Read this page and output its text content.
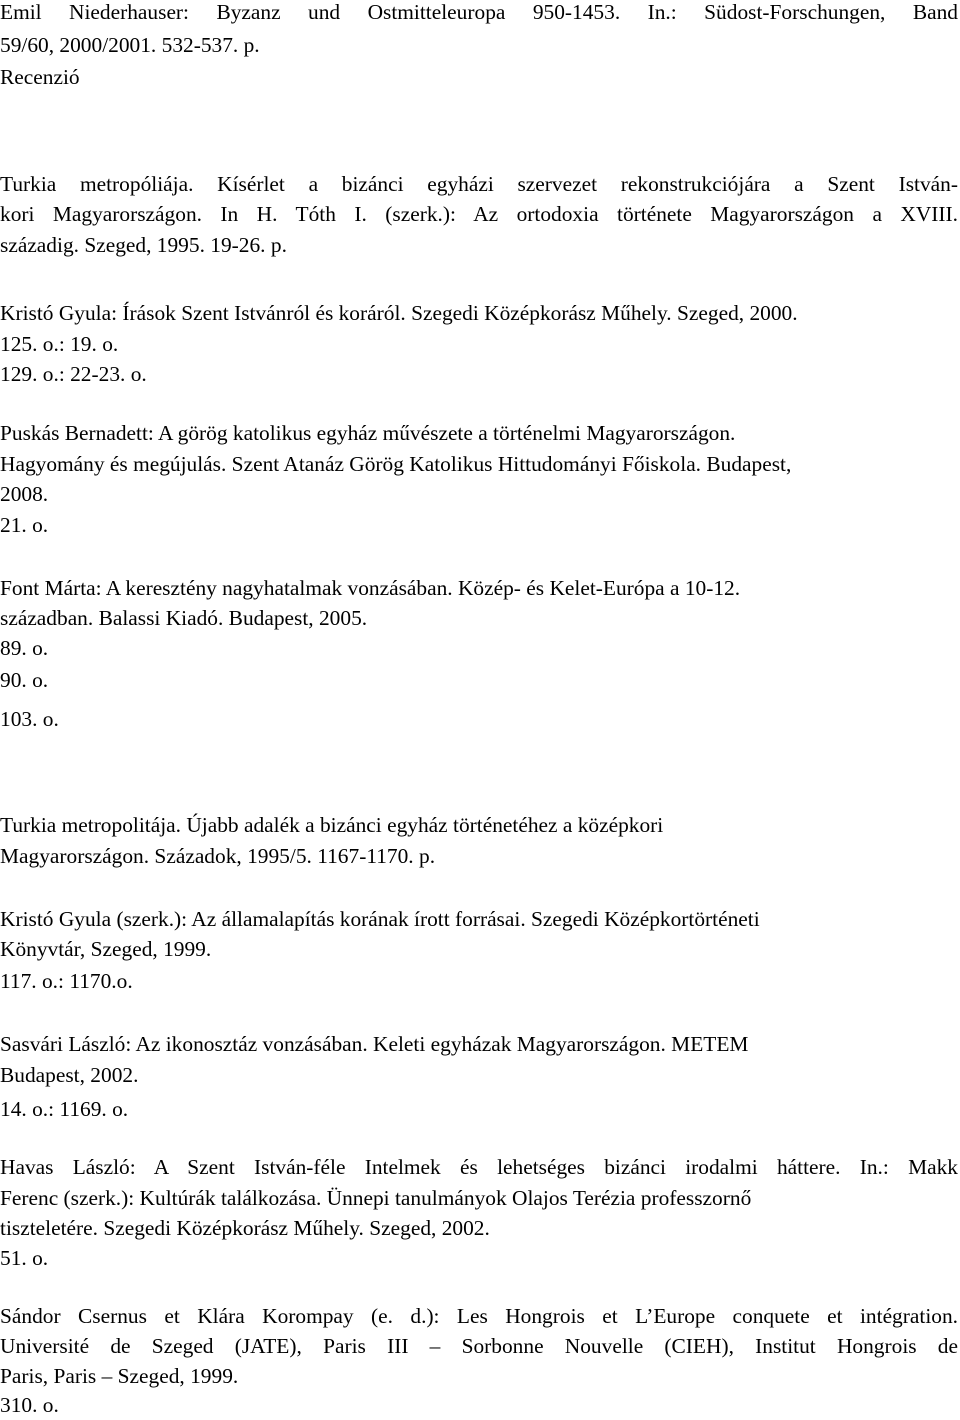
Emil Niederhauser: Byzanz und Ostmitteleuropa 950-1453. In.: Südost-Forschungen, Band
59/60, 2000/2001. 532-537. p.
Recenzió
Turkia metropóliája. Kísérlet a bizánci egyházi szervezet rekonstrukciójára a Szent István-
kori Magyarországon. In H. Tóth I. (szerk.): Az ortodoxia története Magyarországon a XVIII.
századig. Szeged, 1995. 19-26. p.
Kristó Gyula: Írások Szent Istvánról és koráról. Szegedi Középkorász Műhely. Szeged, 2000.
125. o.: 19. o.
129. o.: 22-23. o.
Puskás Bernadett: A görög katolikus egyház művészete a történelmi Magyarországon.
Hagyomány és megújulás. Szent Atanáz Görög Katolikus Hittudományi Főiskola. Budapest,
2008.
21. o.
Font Márta: A keresztény nagyhatalmak vonzásában. Közép- és Kelet-Európa a 10-12.
században. Balassi Kiadó. Budapest, 2005.
89. o.
90. o.
103. o.
Turkia metropolitája. Újabb adalék a bizánci egyház történetéhez a középkori
Magyarországon. Századok, 1995/5. 1167-1170. p.
Kristó Gyula (szerk.): Az államalapítás korának írott forrásai. Szegedi Középkortörténeti
Könyvtár, Szeged, 1999.
117. o.: 1170.o.
Sasvári László: Az ikonosztáz vonzásában. Keleti egyházak Magyarországon. METEM
Budapest, 2002.
14. o.: 1169. o.
Havas László: A Szent István-féle Intelmek és lehetséges bizánci irodalmi háttere. In.: Makk
Ferenc (szerk.): Kultúrák találkozása. Ünnepi tanulmányok Olajos Terézia professzornő
tiszteletére. Szegedi Középkorász Műhely. Szeged, 2002.
51. o.
Sándor Csernus et Klára Korompay (e. d.): Les Hongrois et L’Europe conquete et intégration.
Université de Szeged (JATE), Paris III – Sorbonne Nouvelle (CIEH), Institut Hongrois de
Paris, Paris – Szeged, 1999.
310. o.
